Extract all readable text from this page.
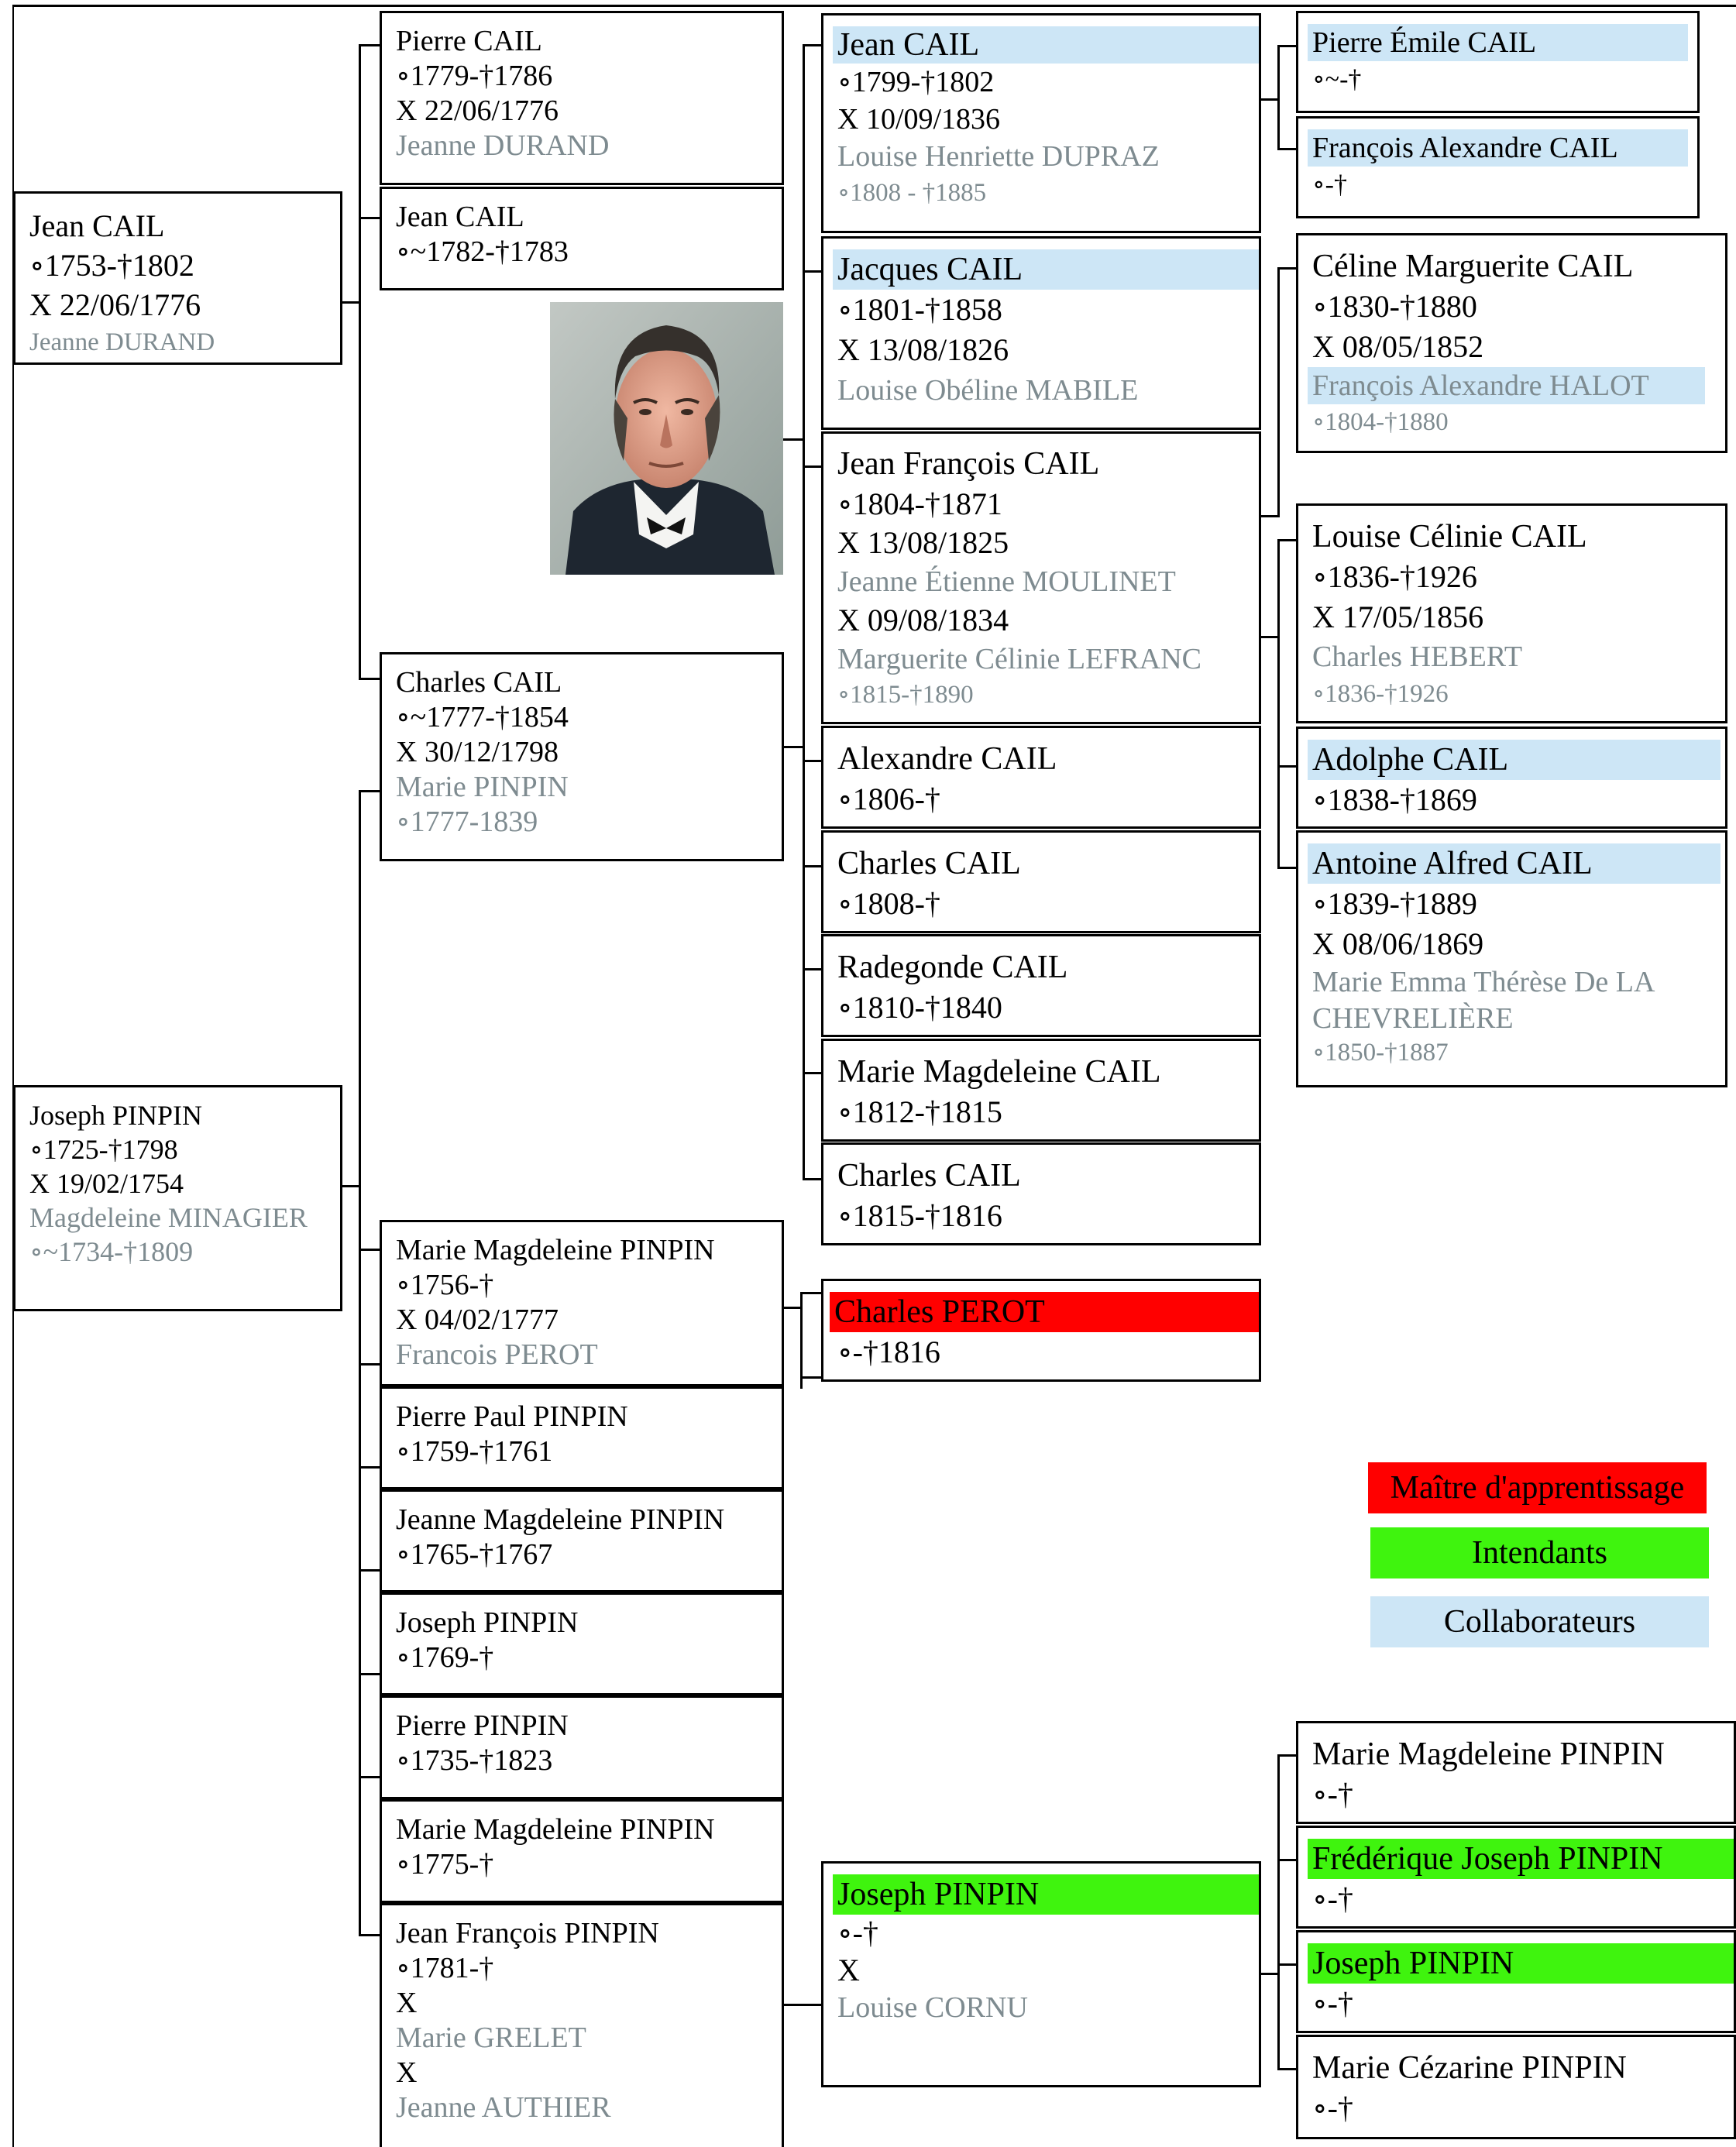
Jean CAIL
∘1753-†1802
X 22/06/1776
Jeanne DURAND
Joseph PINPIN
∘1725-†1798
X 19/02/1754
Magdeleine MINAGIER
∘~1734-†1809
Pierre CAIL
∘1779-†1786
X 22/06/1776
Jeanne DURAND
Jean CAIL
∘~1782-†1783
Charles CAIL
∘~1777-†1854
X 30/12/1798
Marie PINPIN
∘1777-1839
Marie Magdeleine PINPIN
∘1756-†
X 04/02/1777
Francois PEROT
Pierre Paul PINPIN
∘1759-†1761
Jeanne Magdeleine PINPIN
∘1765-†1767
Joseph PINPIN
∘1769-†
Pierre PINPIN
∘1735-†1823
Marie Magdeleine PINPIN
∘1775-†
Jean François PINPIN
∘1781-†
X
Marie GRELET
X
Jeanne AUTHIER
Jean CAIL
∘1799-†1802
X 10/09/1836
Louise Henriette DUPRAZ
∘1808 - †1885
Jacques CAIL
∘1801-†1858
X 13/08/1826
Louise Obéline MABILE
Jean François CAIL
∘1804-†1871
X 13/08/1825
Jeanne Étienne MOULINET
X 09/08/1834
Marguerite Célinie LEFRANC
∘1815-†1890
Alexandre CAIL
∘1806-†
Charles CAIL
∘1808-†
Radegonde CAIL
∘1810-†1840
Marie Magdeleine CAIL
∘1812-†1815
Charles CAIL
∘1815-†1816
Charles PEROT
∘-†1816
Joseph PINPIN
∘-†
X
Louise CORNU
Pierre Émile CAIL
∘~-†
François Alexandre CAIL
∘-†
Céline Marguerite CAIL
∘1830-†1880
X 08/05/1852
François Alexandre HALOT
∘1804-†1880
Louise Célinie CAIL
∘1836-†1926
X 17/05/1856
Charles HEBERT
∘1836-†1926
Adolphe CAIL
∘1838-†1869
Antoine Alfred CAIL
∘1839-†1889
X 08/06/1869
Marie Emma Thérèse De LA CHEVRELIÈRE
∘1850-†1887
Marie Magdeleine PINPIN
∘-†
Frédérique Joseph PINPIN
∘-†
Joseph PINPIN
∘-†
Marie Cézarine PINPIN
∘-†
Maître d'apprentissage
Intendants
Collaborateurs
